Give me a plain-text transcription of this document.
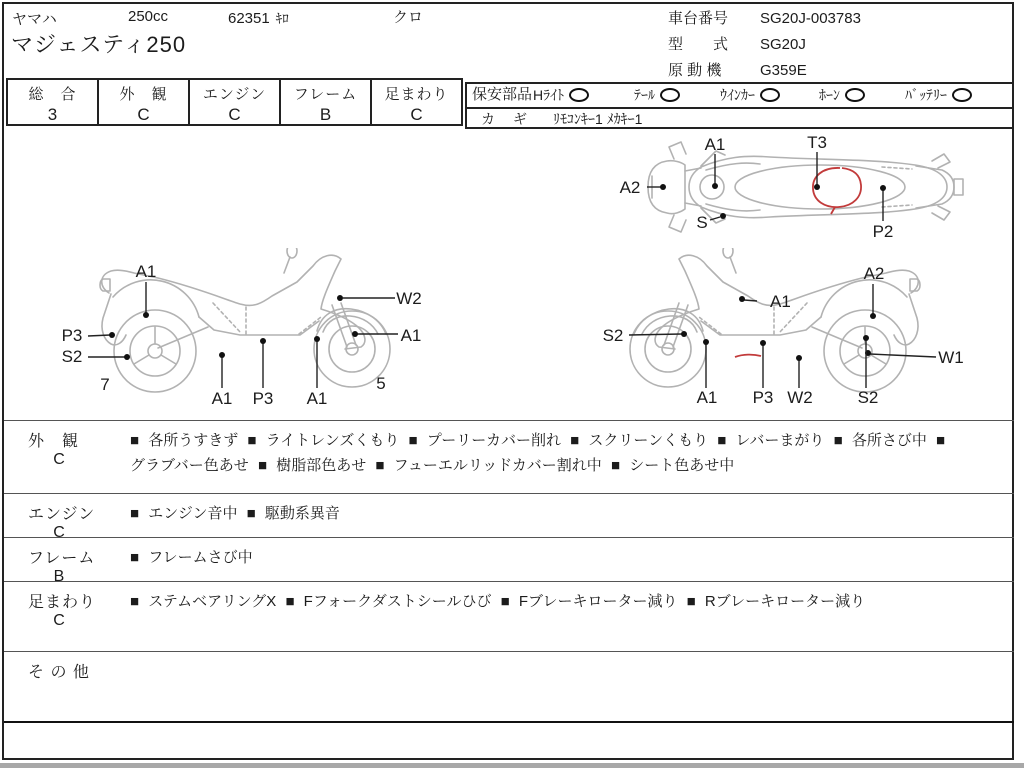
ヤマハ	250cc	62351 ｷﾛ	クロ
マジェスティ250
車台番号 SG20J-003783
型　　式 SG20J
原 動 機	G359E
総　合
3
外　観
C
エンジン
C
フレーム
B
足まわり
C
保安部品 Hﾗｲﾄ	ﾃｰﾙ	ｳｲﾝｶｰ	ﾎｰﾝ	ﾊﾞｯﾃﾘｰ
カ　ギ ﾘﾓｺﾝｷｰ1 ﾒｶｷｰ1
A1	T3
A2
S	P2
A1
W2
P3
S2
7
A1 P3 A1
A1
5
A1
A2
S2
W1
A1 P3 W2	S2
外　観
C
■ 各所うすきず ■ ライトレンズくもり ■ プーリーカバー削れ ■ スクリーンくもり ■ レバーまがり ■ 各所さび中 ■ グラブバー色あせ ■ 樹脂部色あせ ■ フューエルリッドカバー割れ中 ■ シート色あせ中
エンジン
C
■ エンジン音中 ■ 駆動系異音
フレーム
B
■ フレームさび中
足まわり
C
■ ステムベアリングX ■ Fフォークダストシールひび ■ Fブレーキローター減り ■ Rブレーキローター減り
そ の 他
